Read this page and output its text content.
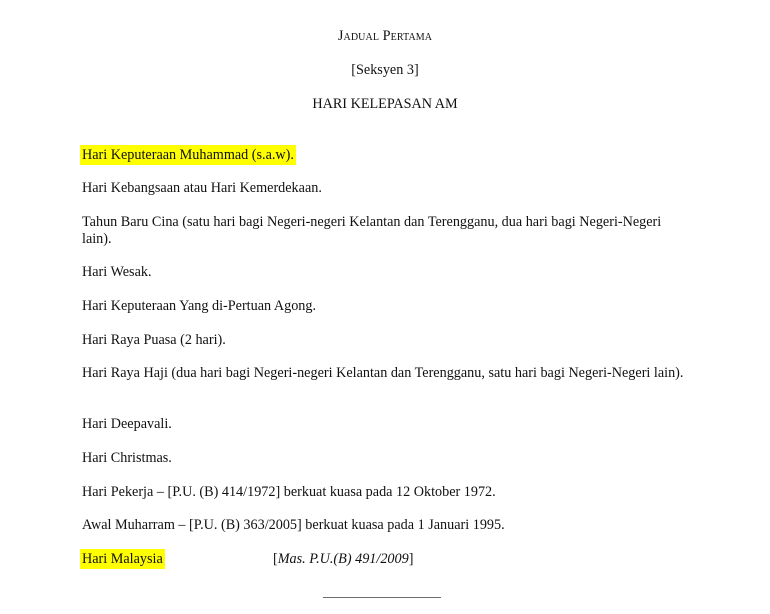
Jadual Pertama
[Seksyen 3]
HARI KELEPASAN AM
Hari Keputeraan Muhammad (s.a.w).
Hari Kebangsaan atau Hari Kemerdekaan.
Tahun Baru Cina (satu hari bagi Negeri-negeri Kelantan dan Terengganu, dua hari bagi Negeri-Negeri lain).
Hari Wesak.
Hari Keputeraan Yang di-Pertuan Agong.
Hari Raya Puasa (2 hari).
Hari Raya Haji (dua hari bagi Negeri-negeri Kelantan dan Terengganu, satu hari bagi Negeri-Negeri lain).
Hari Deepavali.
Hari Christmas.
Hari Pekerja – [P.U. (B) 414/1972] berkuat kuasa pada 12 Oktober 1972.
Awal Muharram – [P.U. (B) 363/2005] berkuat kuasa pada 1 Januari 1995.
Hari Malaysia	[Mas. P.U.(B) 491/2009]
